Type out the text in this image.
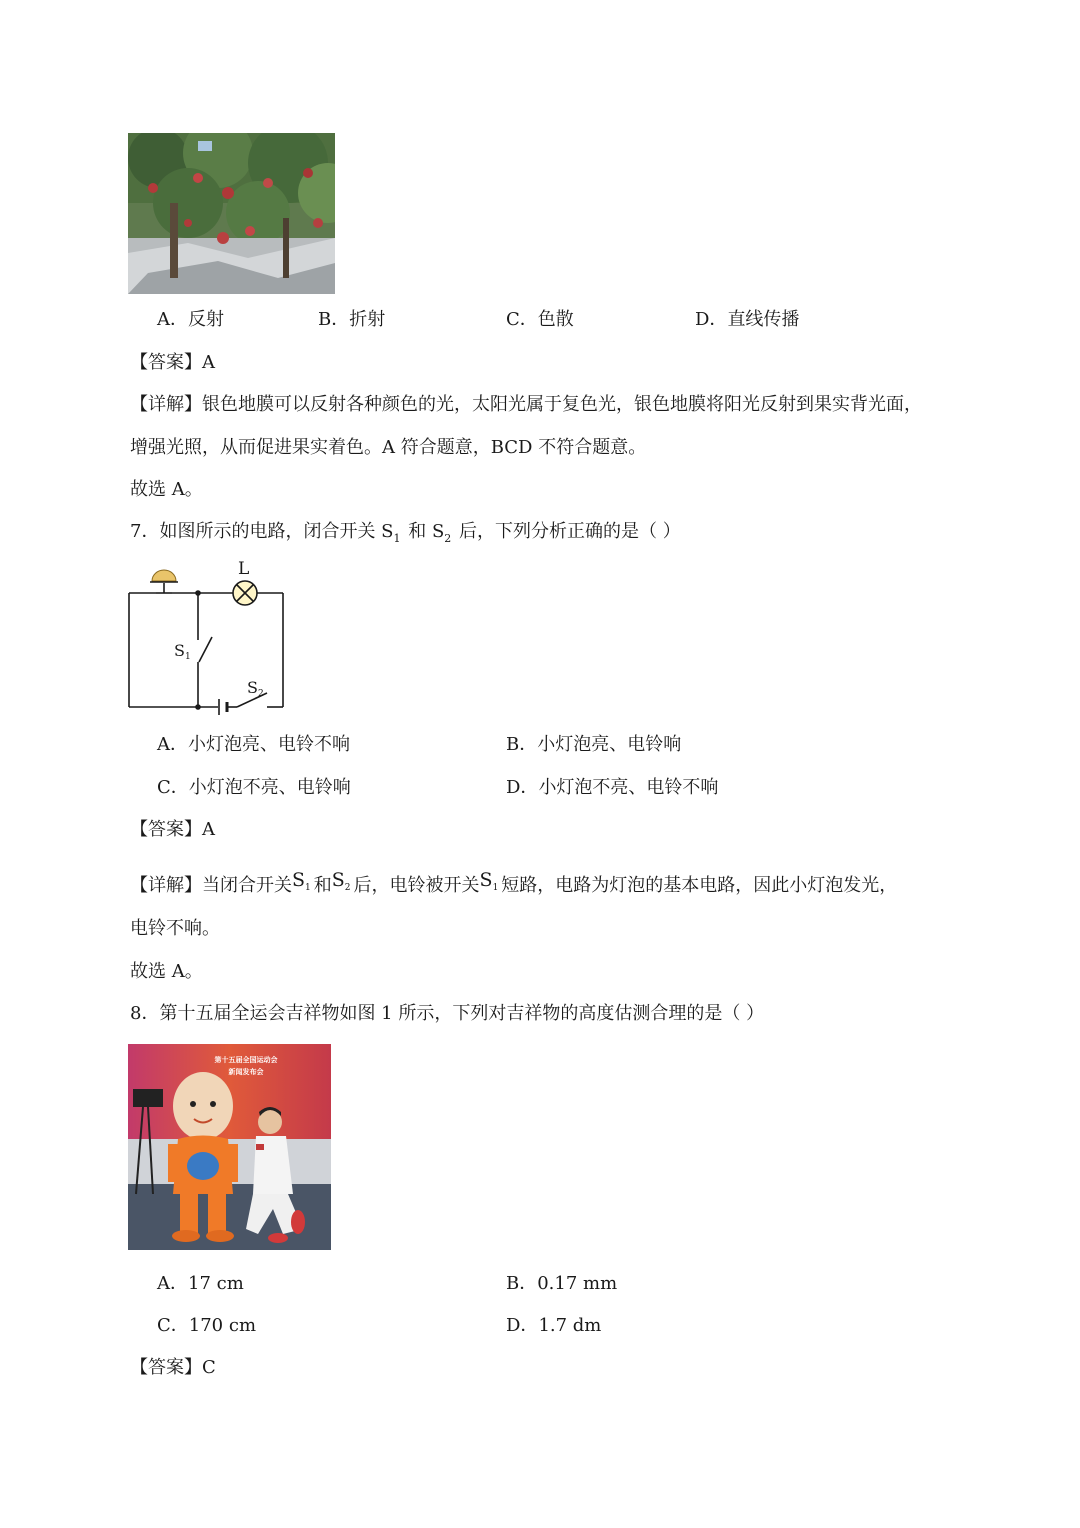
A．反射	B．折射	C．色散	D．直线传播
【答案】A
【详解】银色地膜可以反射各种颜色的光，太阳光属于复色光，银色地膜将阳光反射到果实背光面，
增强光照，从而促进果实着色。A 符合题意，BCD 不符合题意。
故选 A。
7．如图所示的电路，闭合开关 $S_1$ 和 $S_2$ 后，下列分析正确的是（ ）
L
S 1
S 2
A．小灯泡亮、电铃不响	B．小灯泡亮、电铃响
C．小灯泡不亮、电铃响	D．小灯泡不亮、电铃不响
【答案】A
【详解】当闭合开关S1 和S2 后，电铃被开关S1 短路，电路为灯泡的基本电路，因此小灯泡发光，
电铃不响。
故选 A。
8．第十五届全运会吉祥物如图 1 所示，下列对吉祥物的高度估测合理的是（ ）
第十五届全国运动会
新闻发布会
A．17 cm	B．0.17 mm
C．170 cm	D．1.7 dm
【答案】C
